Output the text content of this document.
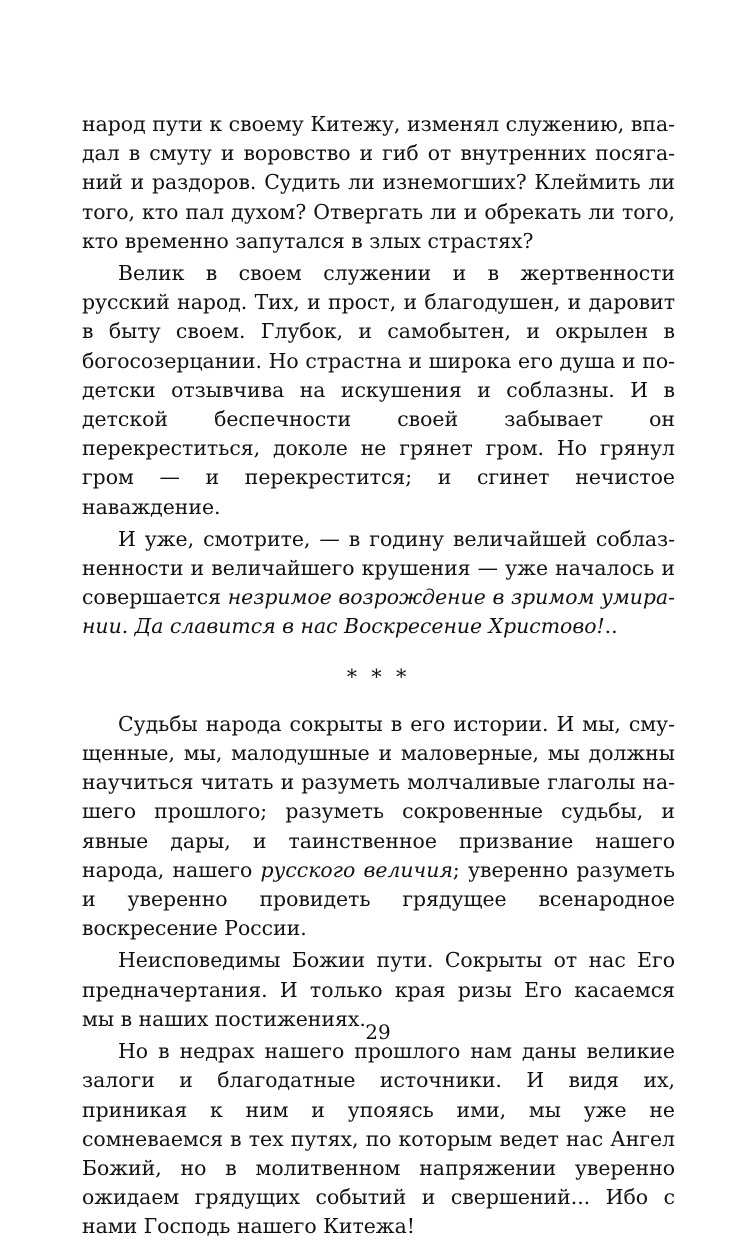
народ пути к своему Китежу, изменял служению, впадал в смуту и воровство и гиб от внутренних посяганий и раздоров. Судить ли изнемогших? Клеймить ли того, кто пал духом? Отвергать ли и обрекать ли того, кто временно запутался в злых страстях?

Велик в своем служении и в жертвенности русский народ. Тих, и прост, и благодушен, и даровит в быту своем. Глубок, и самобытен, и окрылен в богосозерцании. Но страстна и широка его душа и по-детски отзывчива на искушения и соблазны. И в детской беспечности своей забывает он перекреститься, доколе не грянет гром. Но грянул гром — и перекрестится; и сгинет нечистое наваждение.

И уже, смотрите, — в годину величайшей соблазненности и величайшего крушения — уже началось и совершается незримое возрождение в зримом умирании. Да славится в нас Воскресение Христово!..

* * *

Судьбы народа сокрыты в его истории. И мы, смущенные, мы, малодушные и маловерные, мы должны научиться читать и разуметь молчаливые глаголы нашего прошлого; разуметь сокровенные судьбы, и явные дары, и таинственное призвание нашего народа, нашего русского величия; уверенно разуметь и уверенно провидеть грядущее всенародное воскресение России.

Неисповедимы Божии пути. Сокрыты от нас Его предначертания. И только края ризы Его касаемся мы в наших постижениях.

Но в недрах нашего прошлого нам даны великие залоги и благодатные источники. И видя их, приникая к ним и упояясь ими, мы уже не сомневаемся в тех путях, по которым ведет нас Ангел Божий, но в молитвенном напряжении уверенно ожидаем грядущих событий и свершений... Ибо с нами Господь нашего Китежа!

29
